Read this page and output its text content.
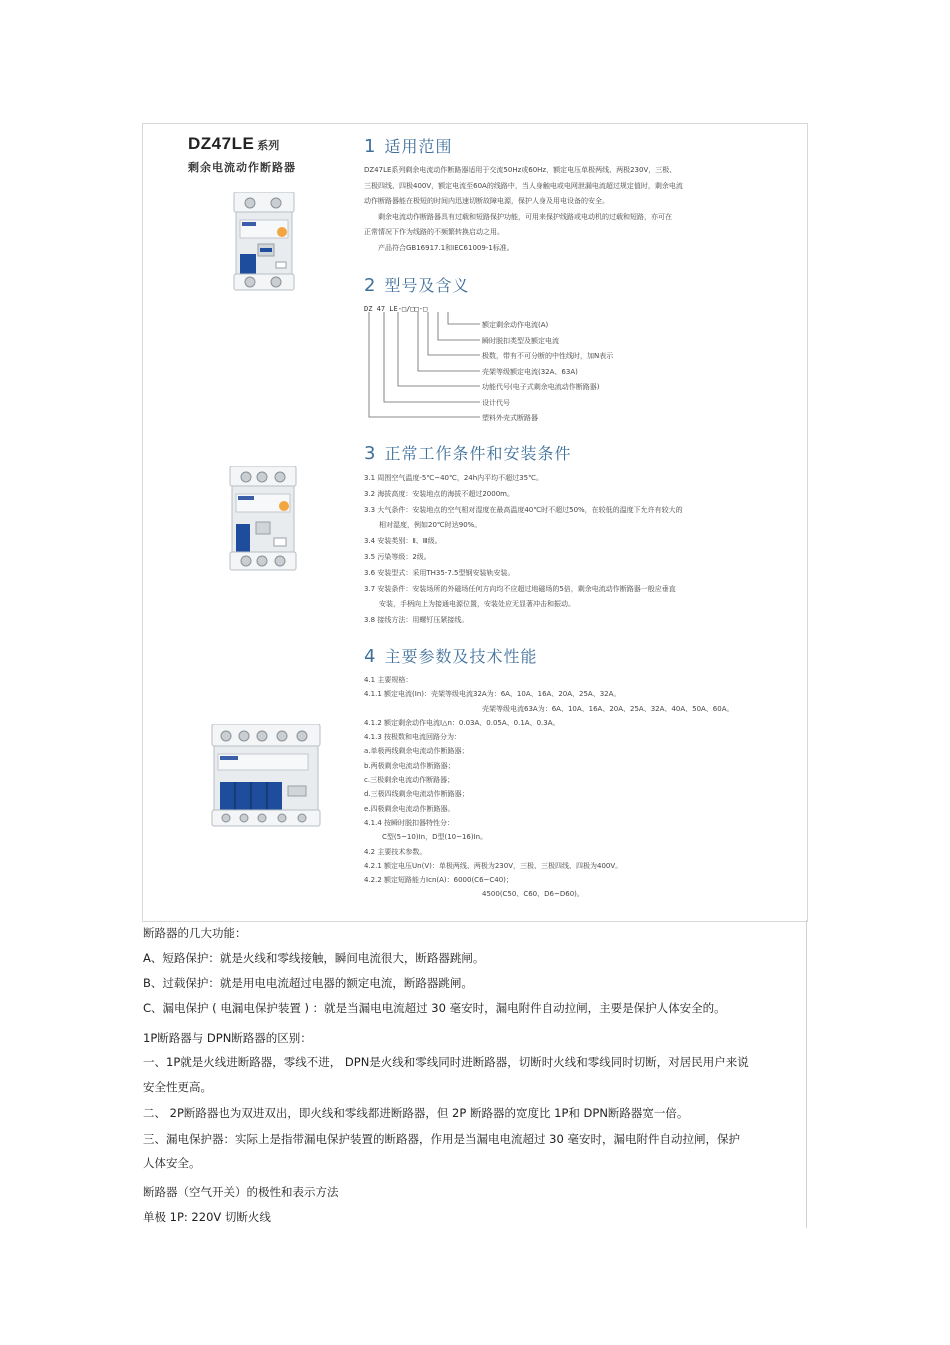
DZ47LE 系列
剩余电流动作断路器
1 适用范围
2 型号及含义
3 正常工作条件和安装条件
4 主要参数及技术性能

DZ47LE系列剩余电流动作断路器适用于交流50Hz或60Hz，额定电压单极两线、两极230V，三极、

三极四线、四极400V，额定电流至60A的线路中，当人身触电或电网泄漏电流超过规定值时，剩余电流

动作断路器能在极短的时间内迅速切断故障电源，保护人身及用电设备的安全。

剩余电流动作断路器具有过载和短路保护功能，可用来保护线路或电动机的过载和短路，亦可在

正常情况下作为线路的不频繁转换启动之用。

产品符合GB16917.1和IEC61009-1标准。

DZ 47 LE-□/□□-□
额定剩余动作电流(A)
瞬时脱扣类型及额定电流
极数，带有不可分断的中性线时，加N表示
壳架等级额定电流(32A、63A)
功能代号(电子式剩余电流动作断路器)
设计代号
塑料外壳式断路器
3.1 周围空气温度-5℃~40℃，24h内平均不超过35℃。
3.2 海拔高度：安装地点的海拔不超过2000m。
3.3 大气条件：安装地点的空气相对湿度在最高温度40℃时不超过50%，在较低的温度下允许有较大的
相对湿度，例如20℃时达90%。
3.4 安装类别：Ⅱ、Ⅲ级。
3.5 污染等级：2级。
3.6 安装型式：采用TH35-7.5型钢安装轨安装。
3.7 安装条件：安装场所的外磁场任何方向均不应超过地磁场的5倍，剩余电流动作断路器一般应垂直
安装，手柄向上为接通电源位置，安装处应无显著冲击和振动。
3.8 接线方法：用螺钉压紧接线。
4.1 主要规格：
4.1.1 额定电流(In)：壳架等级电流32A为：6A、10A、16A、20A、25A、32A。
壳架等级电流63A为：6A、10A、16A、20A、25A、32A、40A、50A、60A。
4.1.2 额定剩余动作电流I△n：0.03A、0.05A、0.1A、0.3A。
4.1.3 按极数和电流回路分为：
a.单极两线剩余电流动作断路器；
b.两极剩余电流动作断路器；
c.三极剩余电流动作断路器；
d.三极四线剩余电流动作断路器；
e.四极剩余电流动作断路器。
4.1.4 按瞬时脱扣器特性分：
C型(5~10)In，D型(10~16)In。
4.2 主要技术参数。
4.2.1 额定电压Un(V)：单极两线、两极为230V，三极、三极四线、四极为400V。
4.2.2 额定短路能力Icn(A)：6000(C6~C40)；
4500(C50、C60、D6~D60)。
断路器的几大功能：
A、短路保护：就是火线和零线接触，瞬间电流很大，断路器跳闸。
B、过载保护：就是用电电流超过电器的额定电流，断路器跳闸。
C、漏电保护 ( 电漏电保护装置 ) ：就是当漏电电流超过 30 毫安时，漏电附件自动拉闸，主要是保护人体安全的。
1P断路器与 DPN断路器的区别：
一、1P就是火线进断路器，零线不进， DPN是火线和零线同时进断路器，切断时火线和零线同时切断，对居民用户来说
安全性更高。
二、 2P断路器也为双进双出，即火线和零线都进断路器，但 2P 断路器的宽度比 1P和 DPN断路器宽一倍。
三、漏电保护器：实际上是指带漏电保护装置的断路器，作用是当漏电电流超过 30 毫安时，漏电附件自动拉闸，保护
人体安全。
断路器（空气开关）的极性和表示方法
单极 1P: 220V 切断火线
